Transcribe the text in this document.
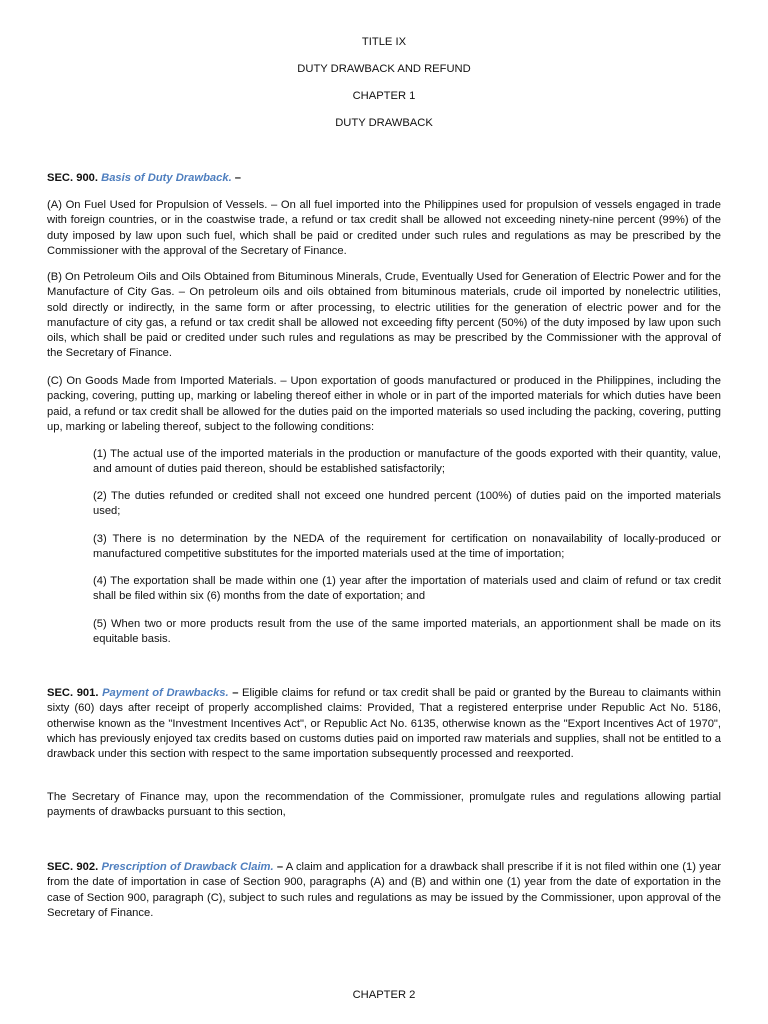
TITLE IX
DUTY DRAWBACK AND REFUND
CHAPTER 1
DUTY DRAWBACK

SEC. 900. Basis of Duty Drawback. –

(A) On Fuel Used for Propulsion of Vessels. – On all fuel imported into the Philippines used for propulsion of vessels engaged in trade with foreign countries, or in the coastwise trade, a refund or tax credit shall be allowed not exceeding ninety-nine percent (99%) of the duty imposed by law upon such fuel, which shall be paid or credited under such rules and regulations as may be prescribed by the Commissioner with the approval of the Secretary of Finance.

(B) On Petroleum Oils and Oils Obtained from Bituminous Minerals, Crude, Eventually Used for Generation of Electric Power and for the Manufacture of City Gas. – On petroleum oils and oils obtained from bituminous materials, crude oil imported by nonelectric utilities, sold directly or indirectly, in the same form or after processing, to electric utilities for the generation of electric power and for the manufacture of city gas, a refund or tax credit shall be allowed not exceeding fifty percent (50%) of the duty imposed by law upon such oils, which shall be paid or credited under such rules and regulations as may be prescribed by the Commissioner with the approval of the Secretary of Finance.

(C) On Goods Made from Imported Materials. – Upon exportation of goods manufactured or produced in the Philippines, including the packing, covering, putting up, marking or labeling thereof either in whole or in part of the imported materials for which duties have been paid, a refund or tax credit shall be allowed for the duties paid on the imported materials so used including the packing, covering, putting up, marking or labeling thereof, subject to the following conditions:

(1) The actual use of the imported materials in the production or manufacture of the goods exported with their quantity, value, and amount of duties paid thereon, should be established satisfactorily;

(2) The duties refunded or credited shall not exceed one hundred percent (100%) of duties paid on the imported materials used;

(3) There is no determination by the NEDA of the requirement for certification on nonavailability of locally-produced or manufactured competitive substitutes for the imported materials used at the time of importation;

(4) The exportation shall be made within one (1) year after the importation of materials used and claim of refund or tax credit shall be filed within six (6) months from the date of exportation; and

(5) When two or more products result from the use of the same imported materials, an apportionment shall be made on its equitable basis.

SEC. 901. Payment of Drawbacks. – Eligible claims for refund or tax credit shall be paid or granted by the Bureau to claimants within sixty (60) days after receipt of properly accomplished claims: Provided, That a registered enterprise under Republic Act No. 5186, otherwise known as the "Investment Incentives Act", or Republic Act No. 6135, otherwise known as the "Export Incentives Act of 1970", which has previously enjoyed tax credits based on customs duties paid on imported raw materials and supplies, shall not be entitled to a drawback under this section with respect to the same importation subsequently processed and reexported.

The Secretary of Finance may, upon the recommendation of the Commissioner, promulgate rules and regulations allowing partial payments of drawbacks pursuant to this section,

SEC. 902. Prescription of Drawback Claim. – A claim and application for a drawback shall prescribe if it is not filed within one (1) year from the date of importation in case of Section 900, paragraphs (A) and (B) and within one (1) year from the date of exportation in the case of Section 900, paragraph (C), subject to such rules and regulations as may be issued by the Commissioner, upon approval of the Secretary of Finance.

CHAPTER 2
